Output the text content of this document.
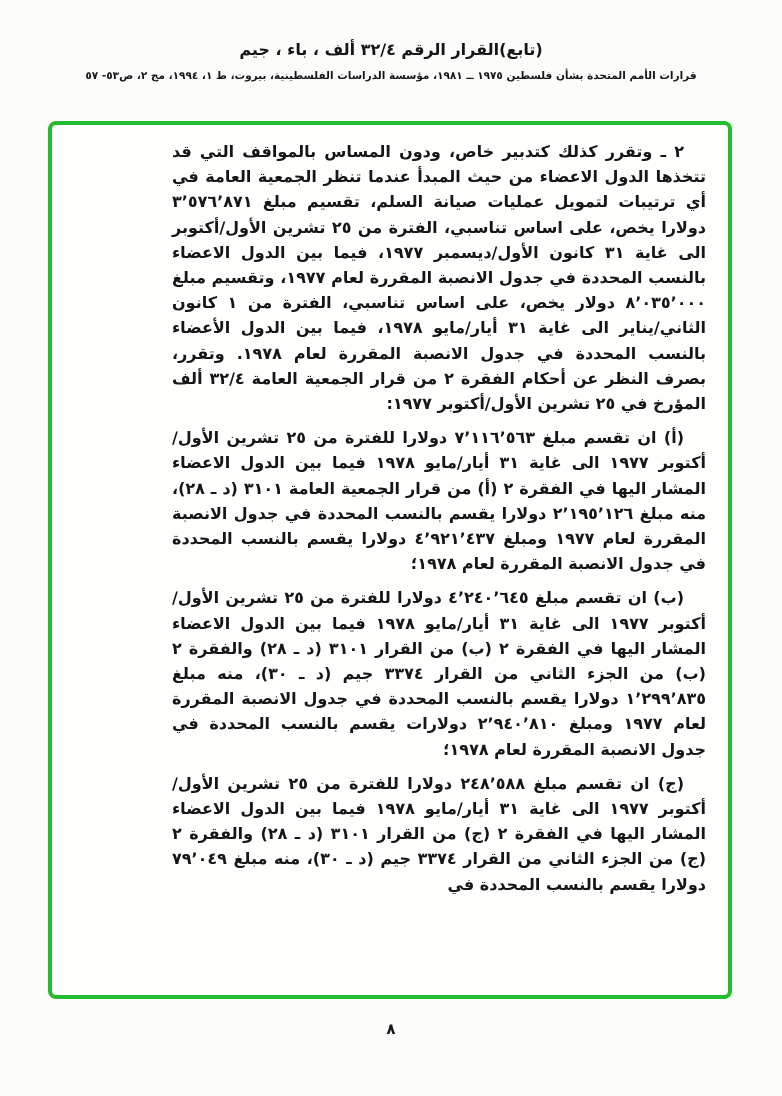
(تابع)القرار الرقم ٣٢/٤ ألف ، باء ، جيم
قرارات الأمم المتحدة بشأن فلسطين ١٩٧٥ ــ ١٩٨١، مؤسسة الدراسات الفلسطينية، بيروت، ط ١، ١٩٩٤، مج ٢، ص٥٣- ٥٧

٢ ـ وتقرر كذلك كتدبير خاص، ودون المساس بالمواقف التي قد تتخذها الدول الاعضاء من حيث المبدأ عندما تنظر الجمعية العامة في أي ترتيبات لتمويل عمليات صيانة السلم، تقسيم مبلغ ٣٬٥٧٦٬٨٧١ دولارا يخص، على اساس تناسبي، الفترة من ٢٥ تشرين الأول/أكتوبر الى غاية ٣١ كانون الأول/ديسمبر ١٩٧٧، فيما بين الدول الاعضاء بالنسب المحددة في جدول الانصبة المقررة لعام ١٩٧٧، وتقسيم مبلغ ٨٬٠٣٥٬٠٠٠ دولار يخص، على اساس تناسبي، الفترة من ١ كانون الثاني/يناير الى غاية ٣١ أيار/مايو ١٩٧٨، فيما بين الدول الأعضاء بالنسب المحددة في جدول الانصبة المقررة لعام ١٩٧٨. وتقرر، بصرف النظر عن أحكام الفقرة ٢ من قرار الجمعية العامة ٣٢/٤ ألف المؤرخ في ٢٥ تشرين الأول/أكتوبر ١٩٧٧:

(أ) ان تقسم مبلغ ٧٬١١٦٬٥٦٣ دولارا للفترة من ٢٥ تشرين الأول/أكتوبر ١٩٧٧ الى غاية ٣١ أيار/مايو ١٩٧٨ فيما بين الدول الاعضاء المشار اليها في الفقرة ٢ (أ) من قرار الجمعية العامة ٣١٠١ (د ـ ٢٨)، منه مبلغ ٢٬١٩٥٬١٢٦ دولارا يقسم بالنسب المحددة في جدول الانصبة المقررة لعام ١٩٧٧ ومبلغ ٤٬٩٢١٬٤٣٧ دولارا يقسم بالنسب المحددة في جدول الانصبة المقررة لعام ١٩٧٨؛

(ب) ان تقسم مبلغ ٤٬٢٤٠٬٦٤٥ دولارا للفترة من ٢٥ تشرين الأول/أكتوبر ١٩٧٧ الى غاية ٣١ أيار/مايو ١٩٧٨ فيما بين الدول الاعضاء المشار اليها في الفقرة ٢ (ب) من القرار ٣١٠١ (د ـ ٢٨) والفقرة ٢ (ب) من الجزء الثاني من القرار ٣٣٧٤ جيم (د ـ ٣٠)، منه مبلغ ١٬٢٩٩٬٨٣٥ دولارا يقسم بالنسب المحددة في جدول الانصبة المقررة لعام ١٩٧٧ ومبلغ ٢٬٩٤٠٬٨١٠ دولارات يقسم بالنسب المحددة في جدول الانصبة المقررة لعام ١٩٧٨؛

(ج) ان تقسم مبلغ ٢٤٨٬٥٨٨ دولارا للفترة من ٢٥ تشرين الأول/أكتوبر ١٩٧٧ الى غاية ٣١ أيار/مايو ١٩٧٨ فيما بين الدول الاعضاء المشار اليها في الفقرة ٢ (ج) من القرار ٣١٠١ (د ـ ٢٨) والفقرة ٢ (ج) من الجزء الثاني من القرار ٣٣٧٤ جيم (د ـ ٣٠)، منه مبلغ ٧٩٬٠٤٩ دولارا يقسم بالنسب المحددة في

٨
